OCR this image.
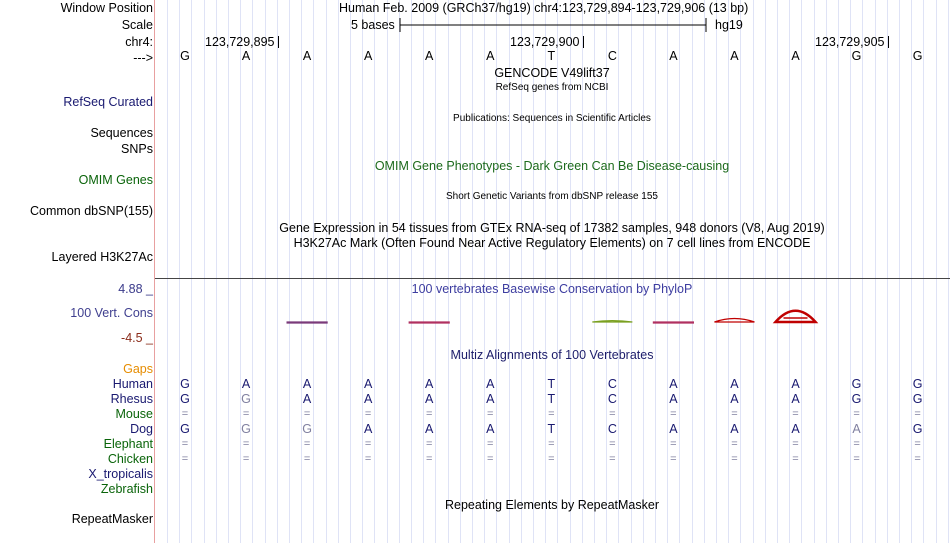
Window Position
Scale
chr4:
--->
Human Feb. 2009 (GRCh37/hg19) chr4:123,729,894-123,729,906 (13 bp)
5 bases	hg19
123,729,895	123,729,900	123,729,905
GENCODE V49lift37
RefSeq genes from NCBI
RefSeq Curated
Sequences
Publications: Sequences in Scientific Articles
SNPs
OMIM Gene Phenotypes - Dark Green Can Be Disease-causing
OMIM Genes
Short Genetic Variants from dbSNP release 155
Common dbSNP(155)
Gene Expression in 54 tissues from GTEx RNA-seq of 17382 samples, 948 donors (V8, Aug 2019)
H3K27Ac Mark (Often Found Near Active Regulatory Elements) on 7 cell lines from ENCODE
Layered H3K27Ac
4.88 _	100 vertebrates Basewise Conservation by PhyloP
100 Vert. Cons
-4.5 _
Multiz Alignments of 100 Vertebrates
Gaps
Repeating Elements by RepeatMasker
RepeatMasker
G	A	A	A	A	A	T	C	A	A	A	G	G
Human G	A	A	A	A	A	T	C	A	A	A	G	G
Rhesus G	G	A	A	A	A	T	C	A	A	A	G	G
Mouse	=	=	=	=	=	=	=	=	=	=	=	=	=
Dog G	G	G	A	A	A	T	C	A	A	A	A	G
Elephant	=	=	=	=	=	=	=	=	=	=	=	=	=
Chicken	=	=	=	=	=	=	=	=	=	=	=	=	=
X_tropicalis
Zebrafish
